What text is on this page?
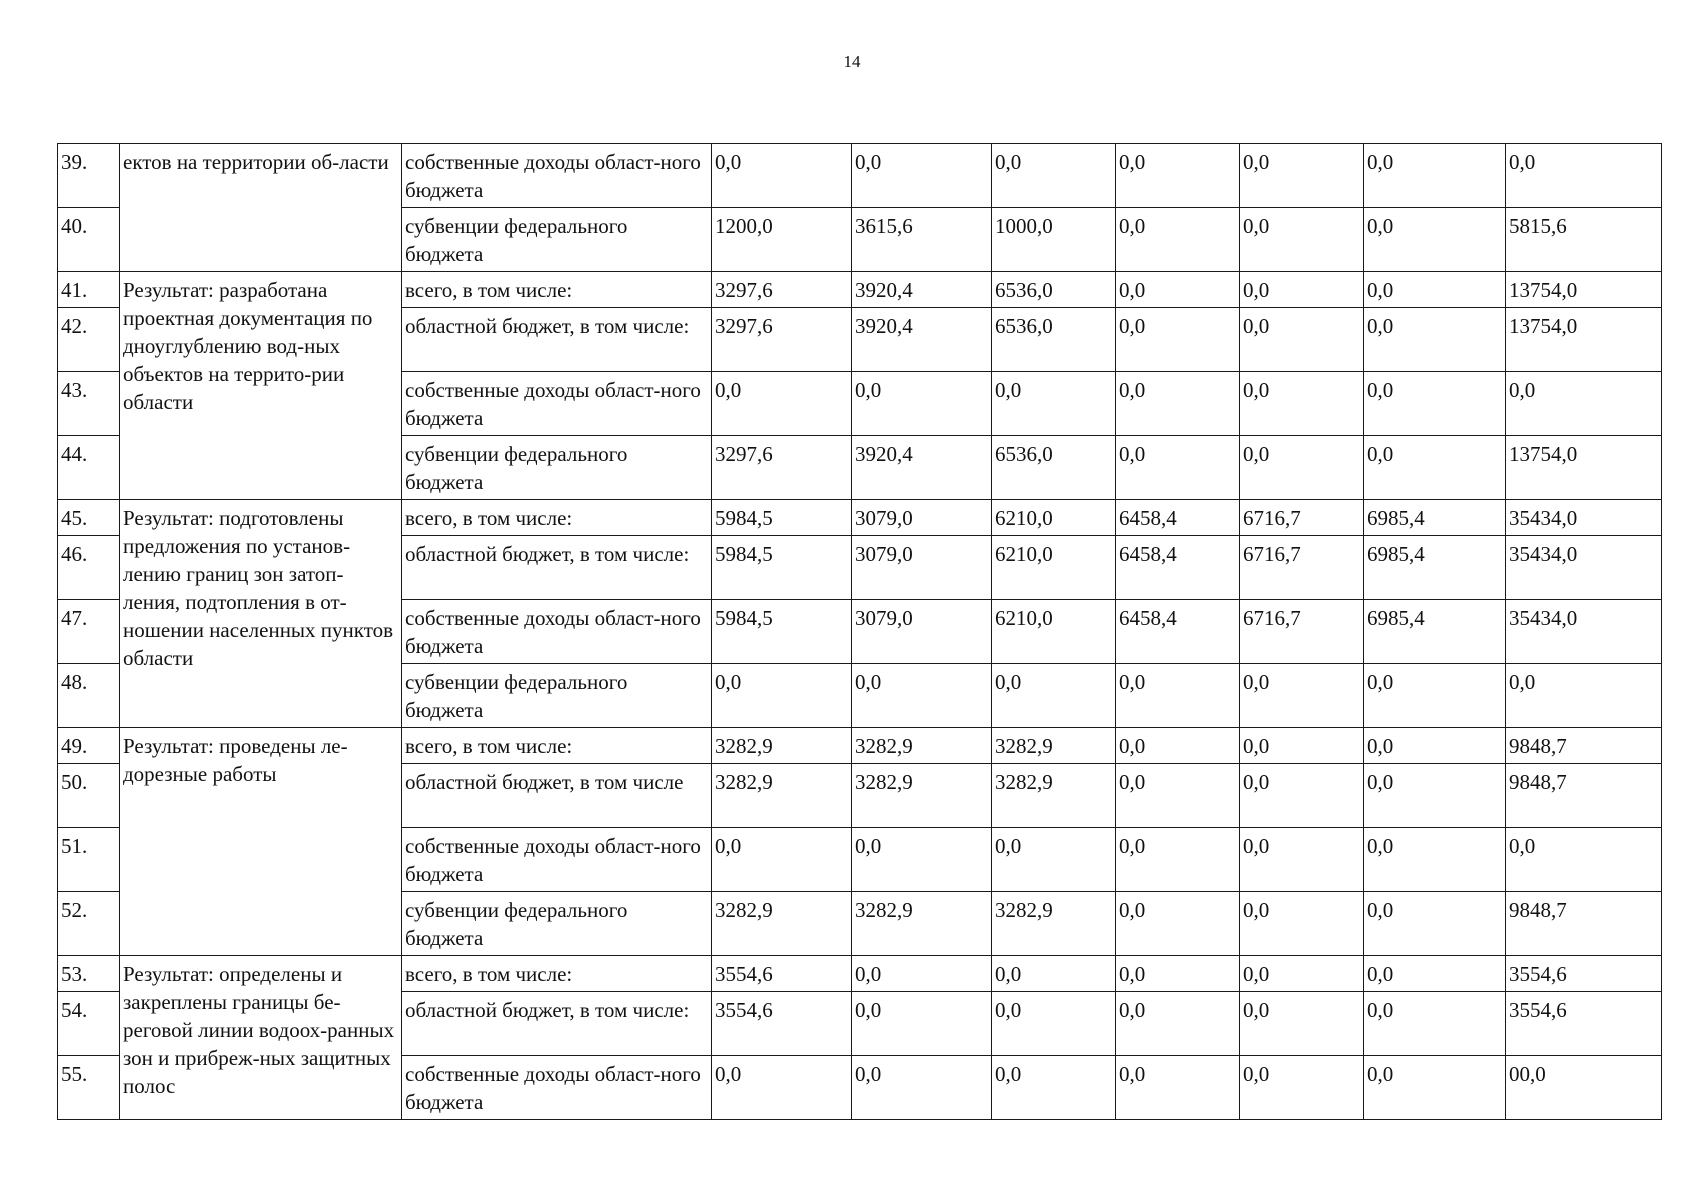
14
39.	ектов на территории об-ласти	собственные доходы област-ного бюджета	0,0	0,0	0,0	0,0	0,0	0,0	0,0
40.		субвенции федерального бюджета	1200,0	3615,6	1000,0	0,0	0,0	0,0	5815,6
41.	Результат: разработана проектная документация по дноуглублению вод-ных объектов на террито-рии области	всего, в том числе:	3297,6	3920,4	6536,0	0,0	0,0	0,0	13754,0
42.		областной бюджет, в том числе:	3297,6	3920,4	6536,0	0,0	0,0	0,0	13754,0
43.		собственные доходы област-ного бюджета	0,0	0,0	0,0	0,0	0,0	0,0	0,0
44.		субвенции федерального бюджета	3297,6	3920,4	6536,0	0,0	0,0	0,0	13754,0
45.	Результат: подготовлены предложения по установ-лению границ зон затоп-ления, подтопления в от-ношении населенных пунктов области	всего, в том числе:	5984,5	3079,0	6210,0	6458,4	6716,7	6985,4	35434,0
46.		областной бюджет, в том числе:	5984,5	3079,0	6210,0	6458,4	6716,7	6985,4	35434,0
47.		собственные доходы област-ного бюджета	5984,5	3079,0	6210,0	6458,4	6716,7	6985,4	35434,0
48.		субвенции федерального бюджета	0,0	0,0	0,0	0,0	0,0	0,0	0,0
49.	Результат: проведены ле-дорезные работы	всего, в том числе:	3282,9	3282,9	3282,9	0,0	0,0	0,0	9848,7
50.		областной бюджет, в том числе	3282,9	3282,9	3282,9	0,0	0,0	0,0	9848,7
51.		собственные доходы област-ного бюджета	0,0	0,0	0,0	0,0	0,0	0,0	0,0
52.		субвенции федерального бюджета	3282,9	3282,9	3282,9	0,0	0,0	0,0	9848,7
53.	Результат: определены и закреплены границы бе-реговой линии водоох-ранных зон и прибреж-ных защитных полос	всего, в том числе:	3554,6	0,0	0,0	0,0	0,0	0,0	3554,6
54.		областной бюджет, в том числе:	3554,6	0,0	0,0	0,0	0,0	0,0	3554,6
55.		собственные доходы област-ного бюджета	0,0	0,0	0,0	0,0	0,0	0,0	00,0
